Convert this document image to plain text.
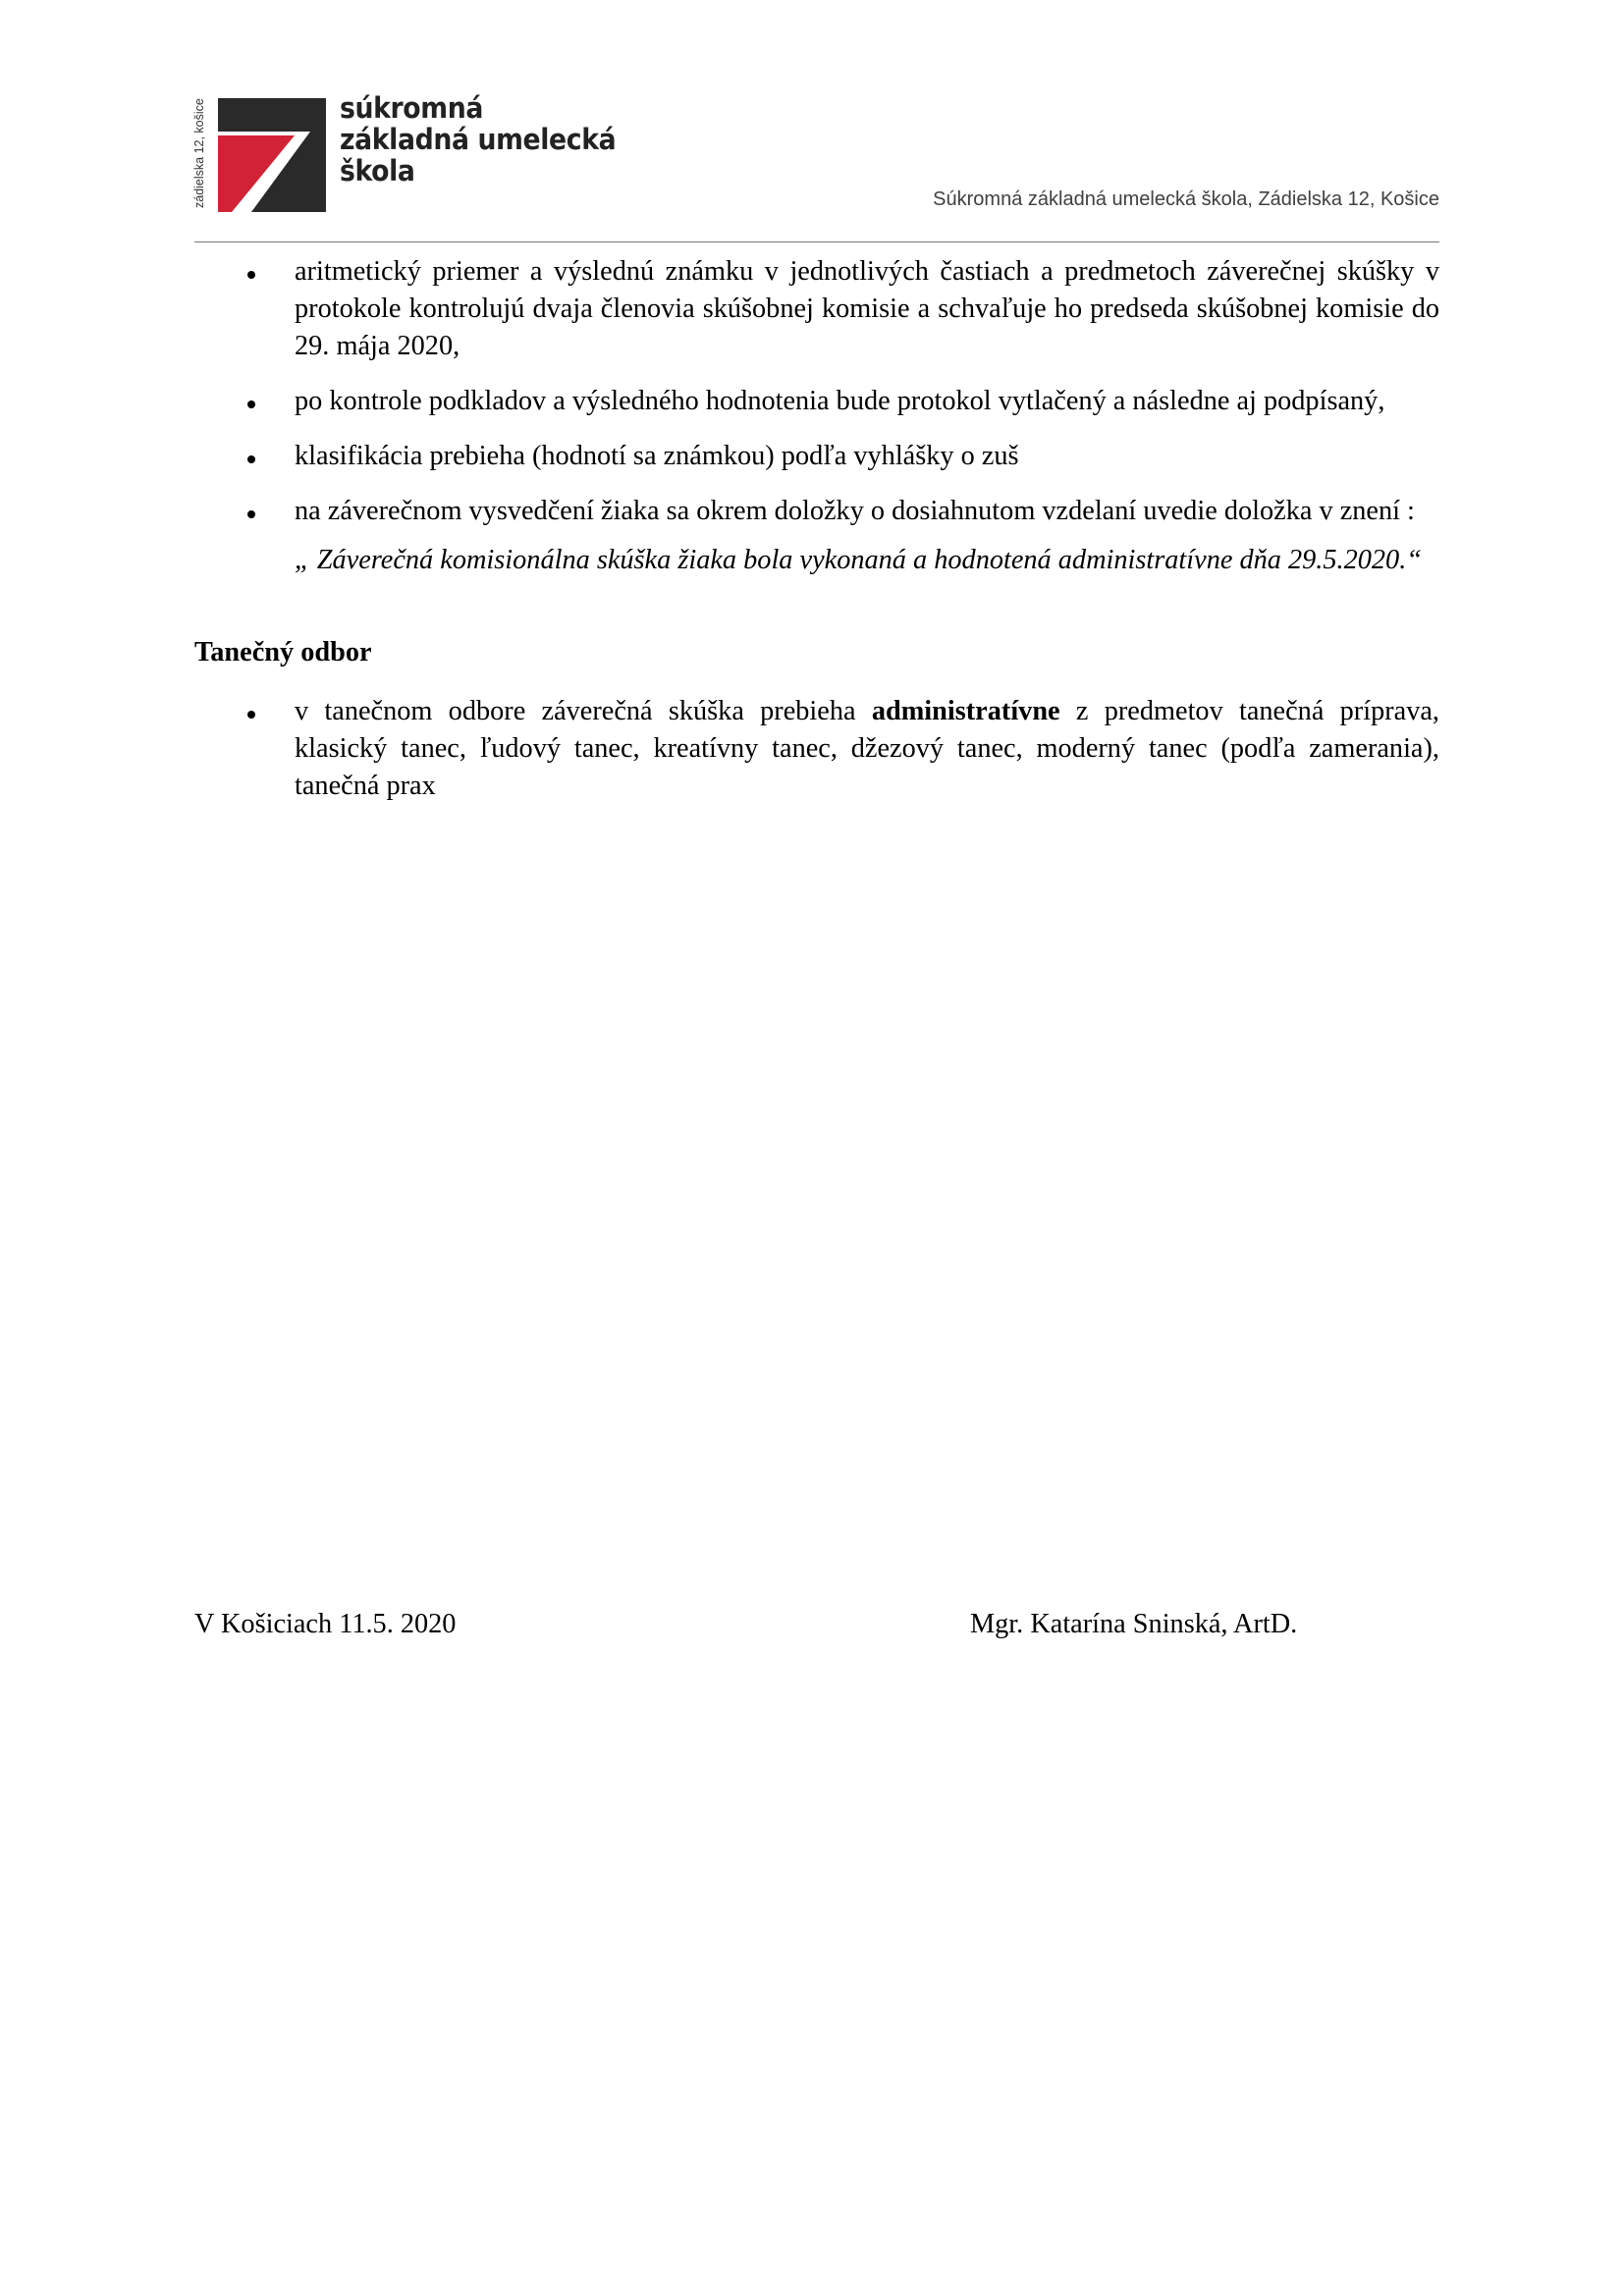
zádielska 12, košice	súkromná
základná umelecká
škola
Súkromná základná umelecká škola, Zádielska 12, Košice
aritmetický priemer a výslednú známku v jednotlivých častiach a predmetoch záverečnej skúšky v protokole kontrolujú dvaja členovia skúšobnej komisie a schvaľuje ho predseda skúšobnej komisie do 29. mája 2020,
po kontrole podkladov a výsledného hodnotenia bude protokol vytlačený a následne aj podpísaný,
klasifikácia prebieha (hodnotí sa známkou) podľa vyhlášky o zuš
na záverečnom vysvedčení žiaka sa okrem doložky o dosiahnutom vzdelaní uvedie doložka v znení :
„ Záverečná komisionálna skúška žiaka bola vykonaná a hodnotená administratívne dňa 29.5.2020.“
Tanečný odbor
v tanečnom odbore záverečná skúška prebieha administratívne z predmetov tanečná príprava, klasický tanec, ľudový tanec, kreatívny tanec, džezový tanec, moderný tanec (podľa zamerania), tanečná prax
V Košiciach 11.5. 2020	Mgr. Katarína Sninská, ArtD.
